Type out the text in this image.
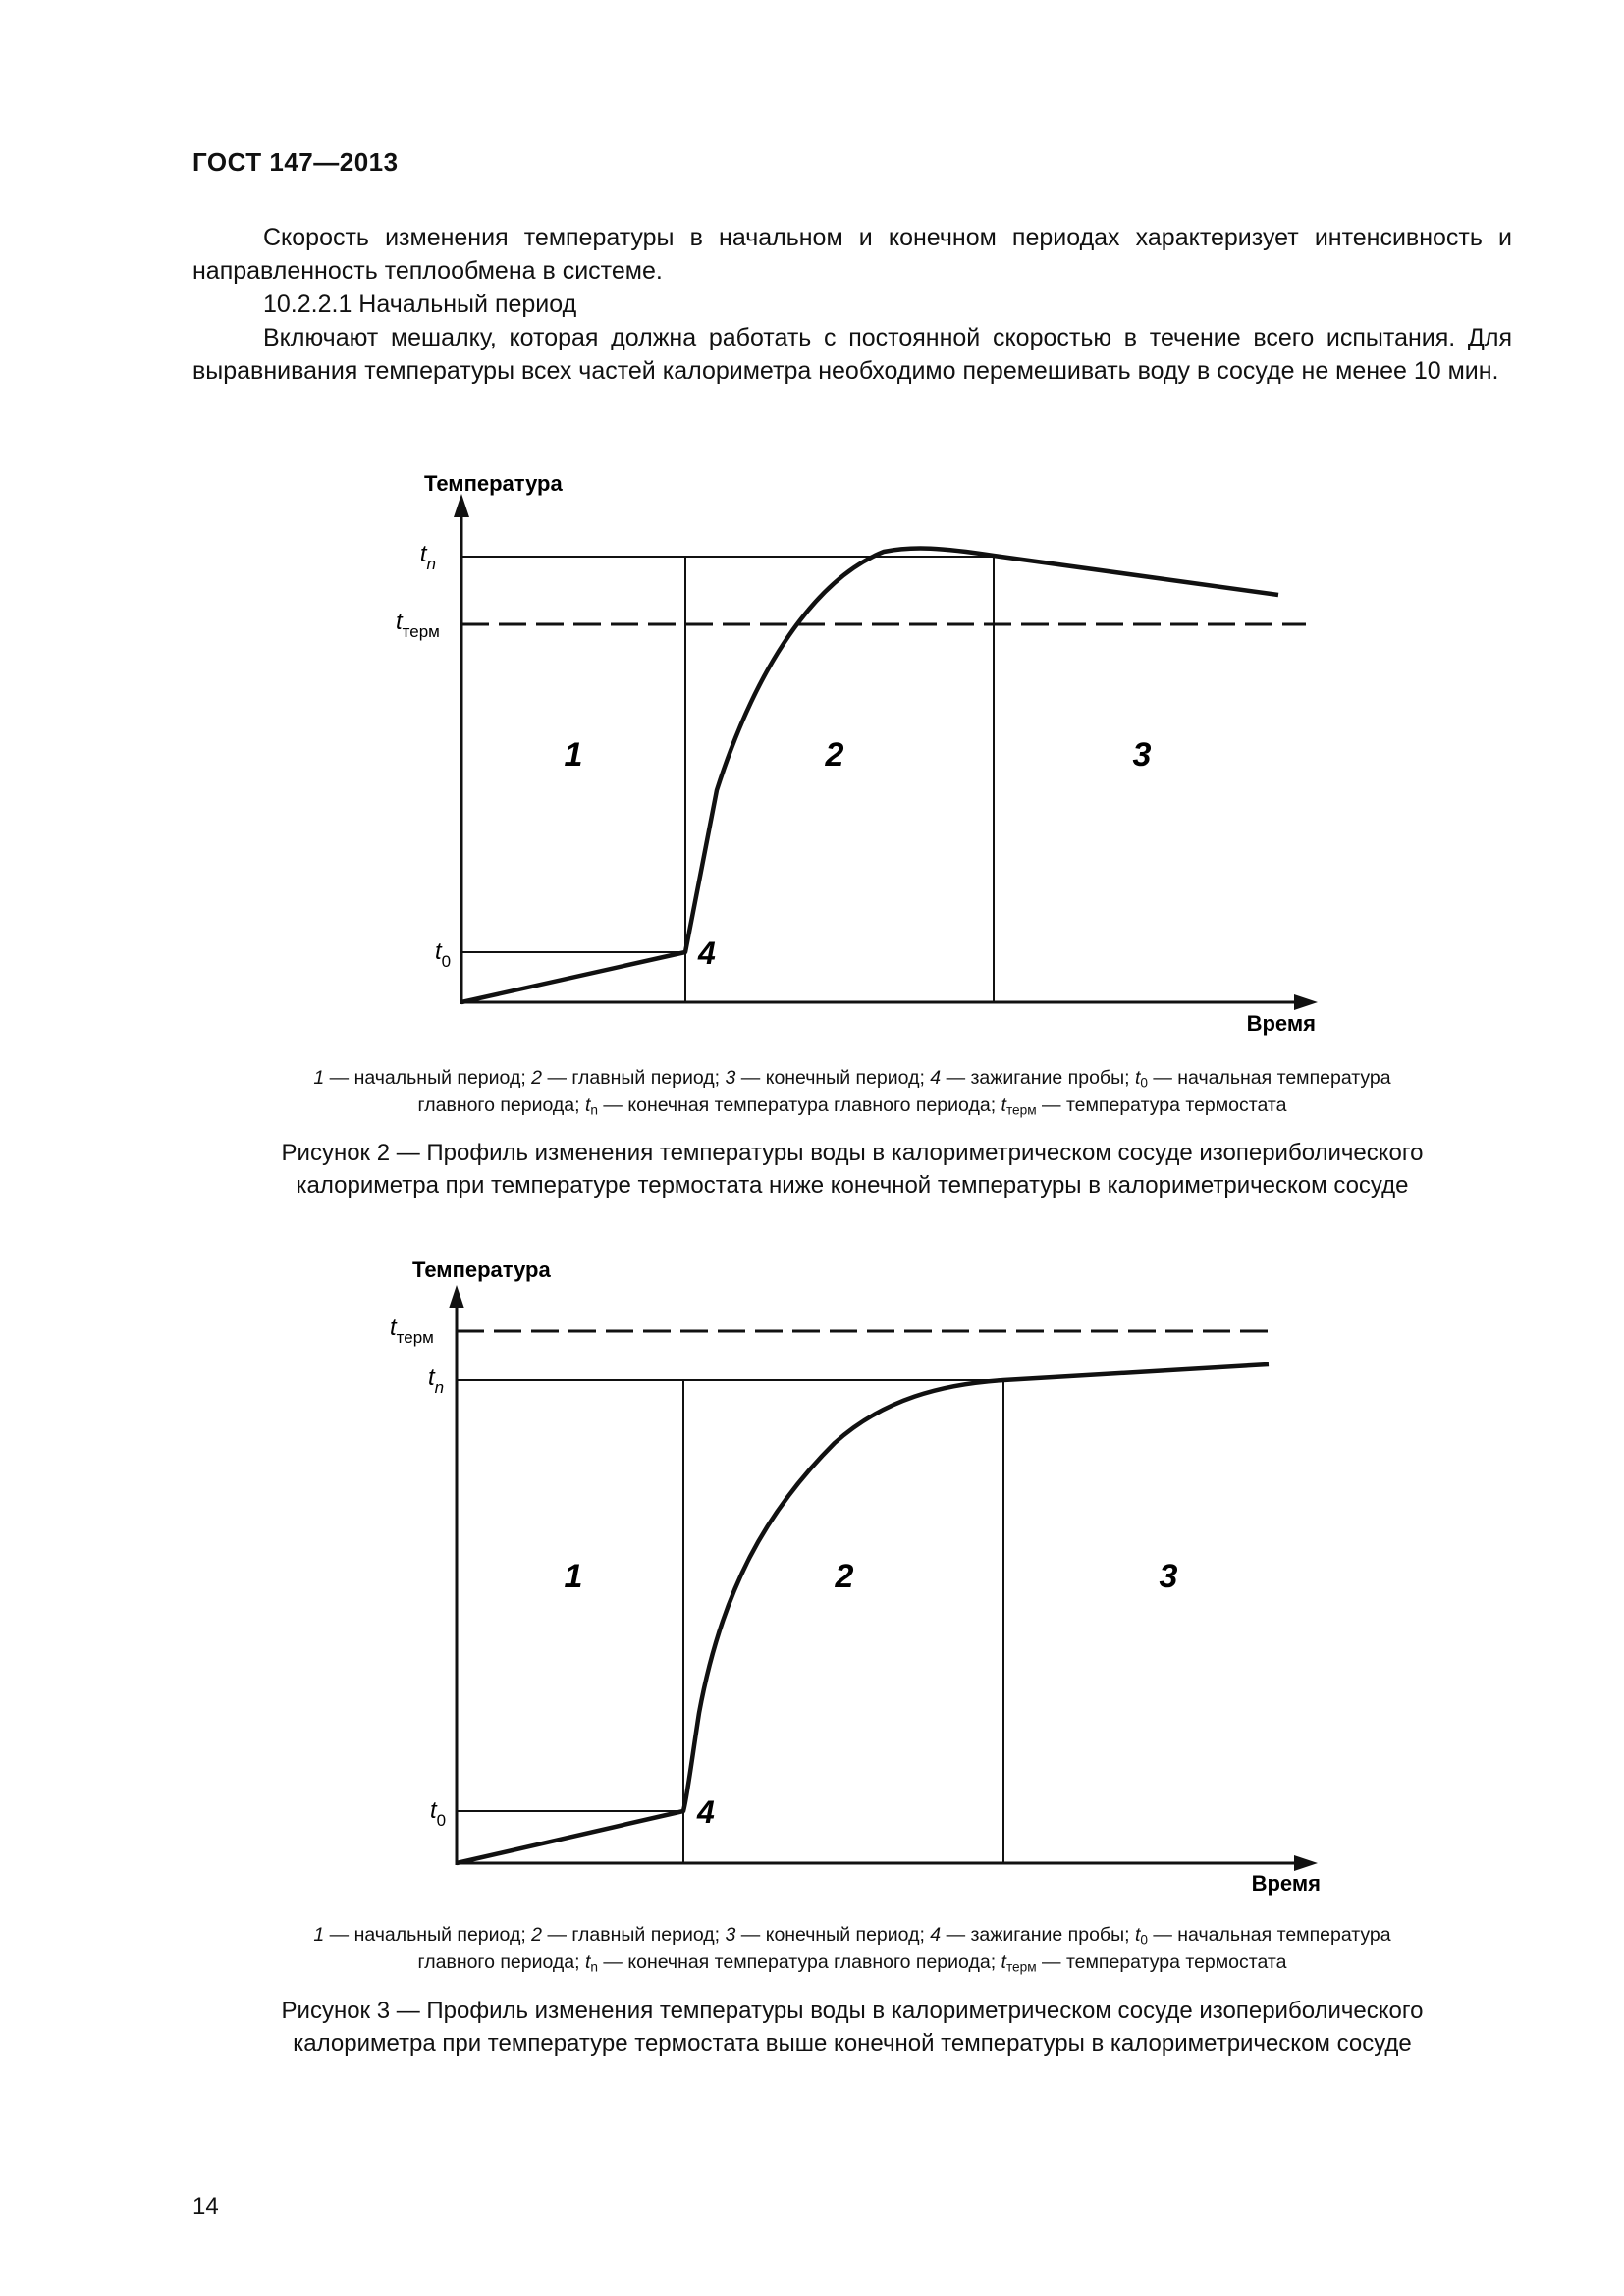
ГОСТ 147—2013

Скорость изменения температуры в начальном и конечном периодах характеризует интенсивность и направленность теплообмена в системе.

10.2.2.1 Начальный период

Включают мешалку, которая должна работать с постоянной скоростью в течение всего испытания. Для выравнивания температуры всех частей калориметра необходимо перемешивать воду в сосуде не менее 10 мин.

Температура
Время
$t_n$
$t_{терм}$
$t_0$
1	2	3
4
1 — начальный период; 2 — главный период; 3 — конечный период; 4 — зажигание пробы; $t_0$ — начальная температура
главного периода; $t_n$ — конечная температура главного периода; $t_{терм}$ — температура термостата
Рисунок 2 — Профиль изменения температуры воды в калориметрическом сосуде изопериболического
калориметра при температуре термостата ниже конечной температуры в калориметрическом сосуде
Температура
Время
$t_{терм}$
$t_n$
$t_0$
1	2	3
4
1 — начальный период; 2 — главный период; 3 — конечный период; 4 — зажигание пробы; $t_0$ — начальная температура
главного периода; $t_n$ — конечная температура главного периода; $t_{терм}$ — температура термостата
Рисунок 3 — Профиль изменения температуры воды в калориметрическом сосуде изопериболического
калориметра при температуре термостата выше конечной температуры в калориметрическом сосуде
14
